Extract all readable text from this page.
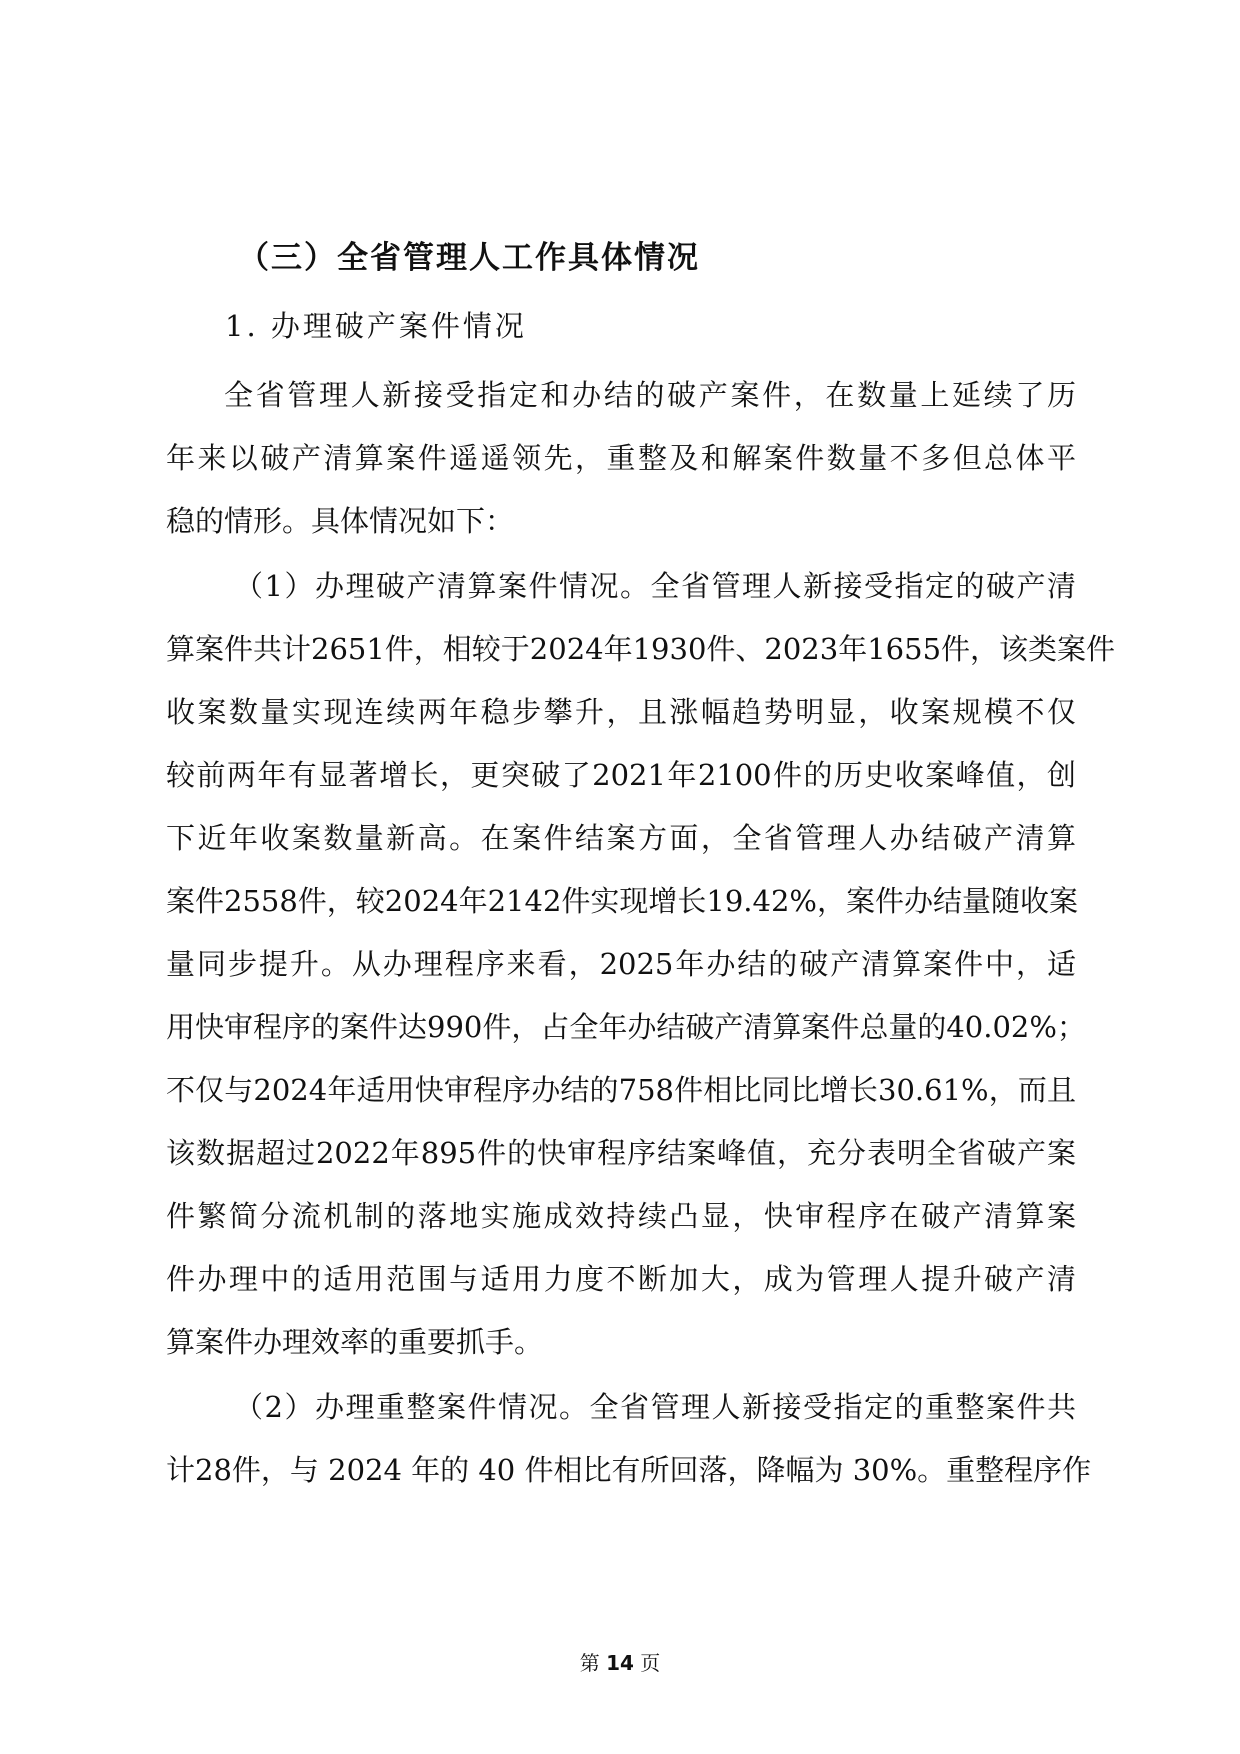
（三）全省管理人工作具体情况
1. 办理破产案件情况
全省管理人新接受指定和办结的破产案件，在数量上延续了历
年来以破产清算案件遥遥领先，重整及和解案件数量不多但总体平
稳的情形。具体情况如下：
（1）办理破产清算案件情况。全省管理人新接受指定的破产清
算案件共计2651件，相较于2024年1930件、2023年1655件，该类案件
收案数量实现连续两年稳步攀升，且涨幅趋势明显，收案规模不仅
较前两年有显著增长，更突破了2021年2100件的历史收案峰值，创
下近年收案数量新高。在案件结案方面，全省管理人办结破产清算
案件2558件，较2024年2142件实现增长19.42%，案件办结量随收案
量同步提升。从办理程序来看，2025年办结的破产清算案件中，适
用快审程序的案件达990件，占全年办结破产清算案件总量的40.02%；
不仅与2024年适用快审程序办结的758件相比同比增长30.61%，而且
该数据超过2022年895件的快审程序结案峰值，充分表明全省破产案
件繁简分流机制的落地实施成效持续凸显，快审程序在破产清算案
件办理中的适用范围与适用力度不断加大，成为管理人提升破产清
算案件办理效率的重要抓手。
（2）办理重整案件情况。全省管理人新接受指定的重整案件共
计28件，与 2024 年的 40 件相比有所回落，降幅为 30%。重整程序作
第 14 页
